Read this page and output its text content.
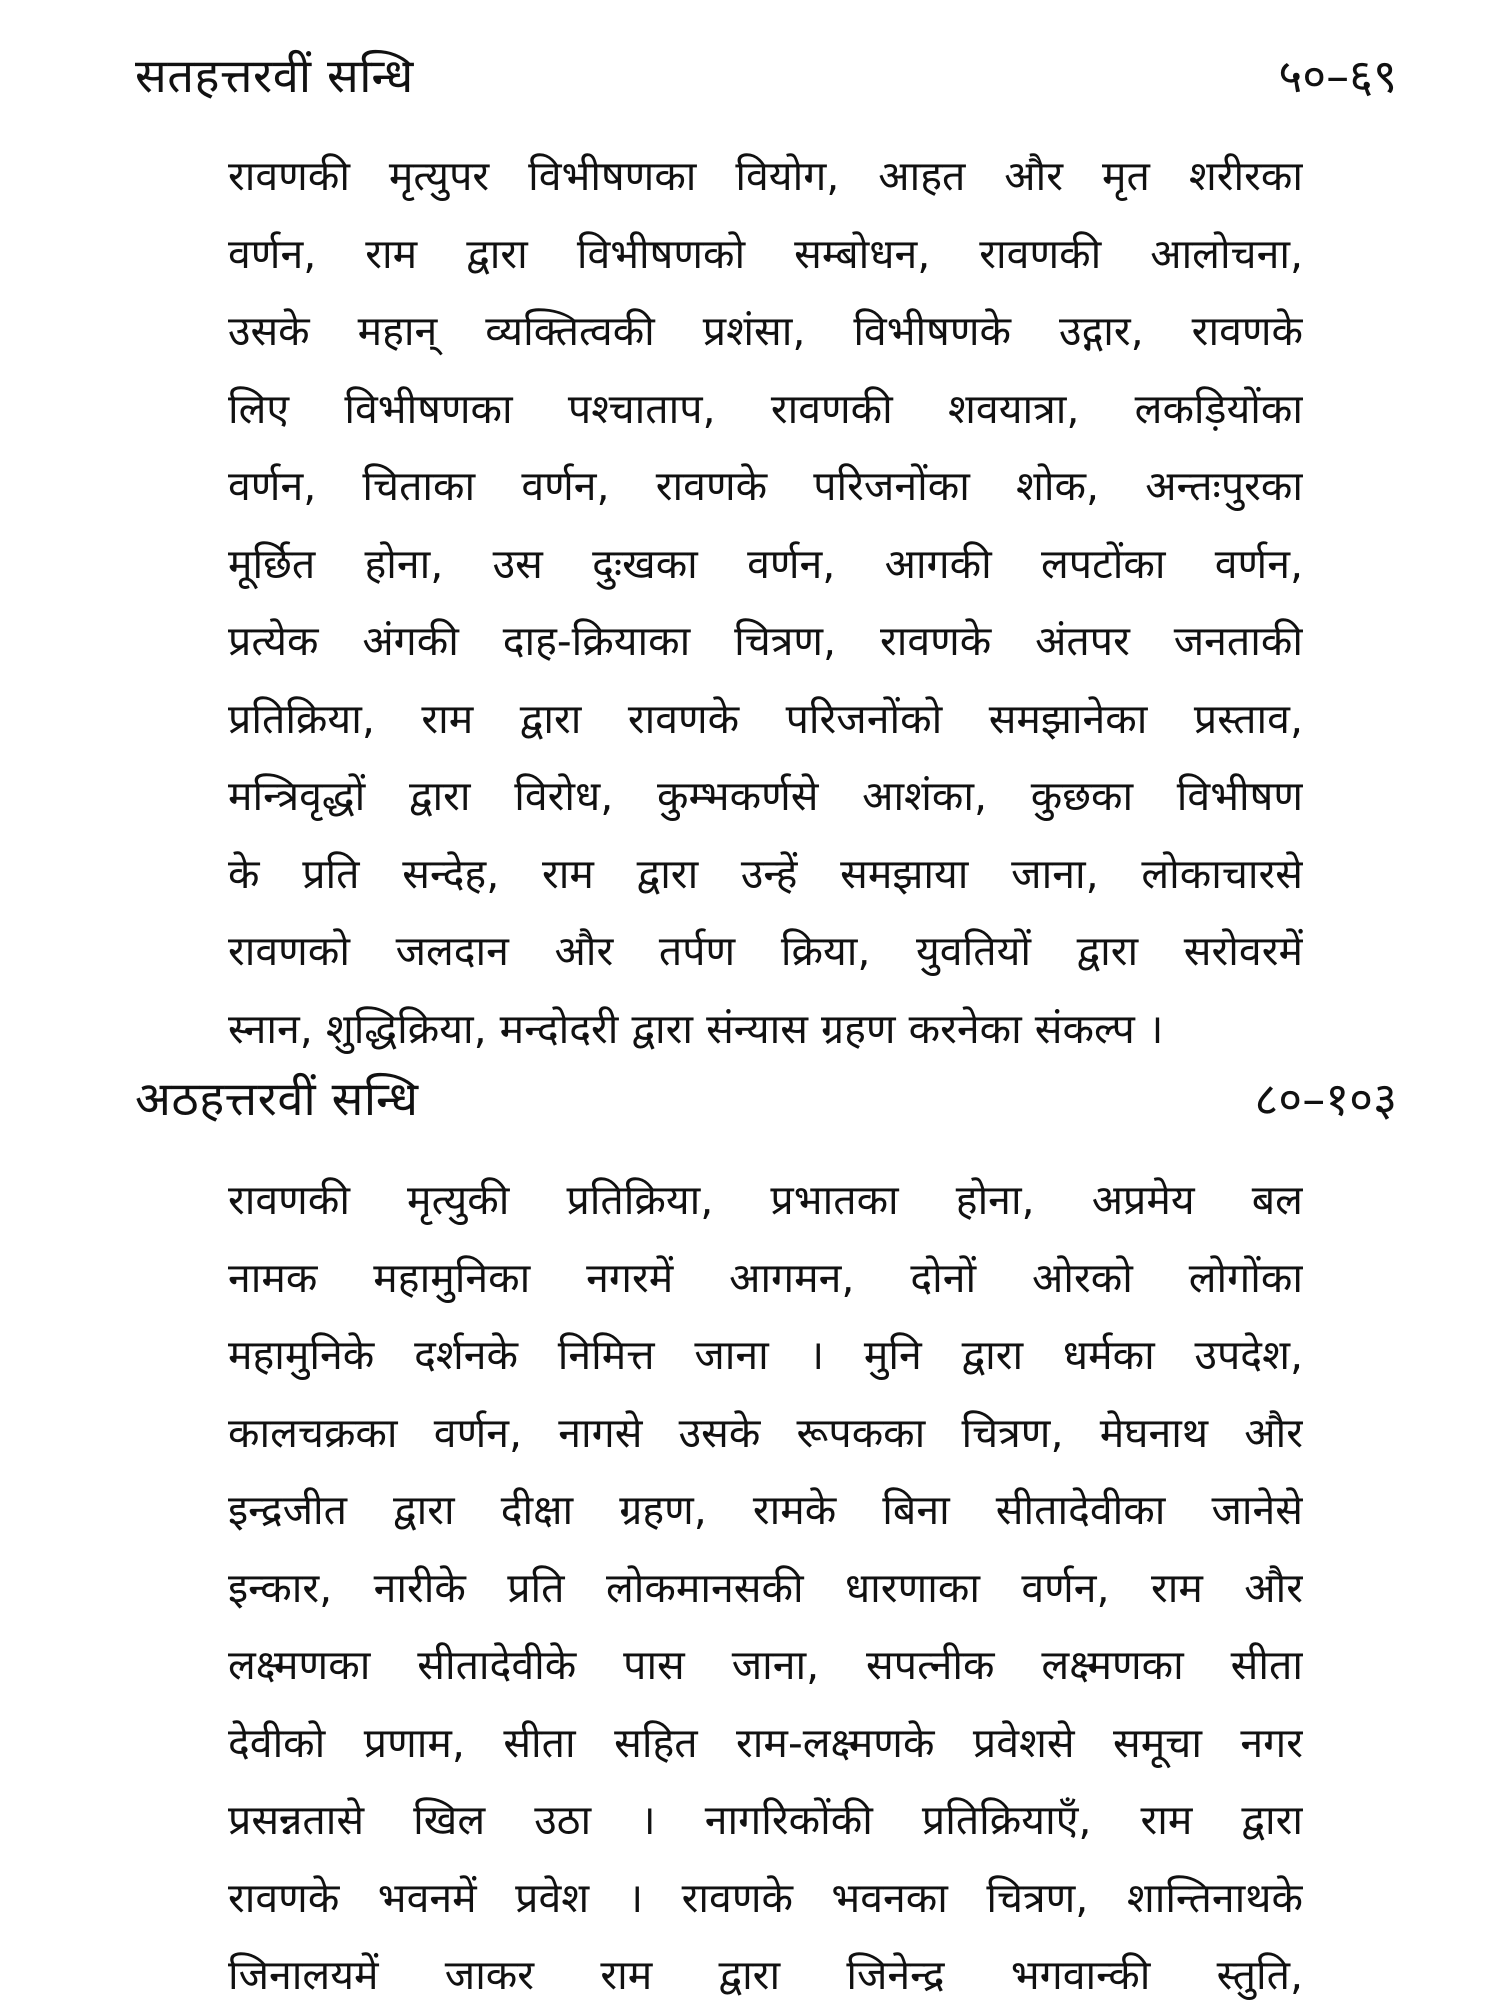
सतहत्तरवीं सन्धि	५०–६९
रावणकी मृत्युपर विभीषणका वियोग, आहत और मृत शरीरका
वर्णन, राम द्वारा विभीषणको सम्बोधन, रावणकी आलोचना,
उसके महान् व्यक्तित्वकी प्रशंसा, विभीषणके उद्गार, रावणके
लिए विभीषणका पश्चाताप, रावणकी शवयात्रा, लकड़ियोंका
वर्णन, चिताका वर्णन, रावणके परिजनोंका शोक, अन्तःपुरका
मूर्छित होना, उस दुःखका वर्णन, आगकी लपटोंका वर्णन,
प्रत्येक अंगकी दाह-क्रियाका चित्रण, रावणके अंतपर जनताकी
प्रतिक्रिया, राम द्वारा रावणके परिजनोंको समझानेका प्रस्ताव,
मन्त्रिवृद्धों द्वारा विरोध, कुम्भकर्णसे आशंका, कुछका विभीषण
के प्रति सन्देह, राम द्वारा उन्हें समझाया जाना, लोकाचारसे
रावणको जलदान और तर्पण क्रिया, युवतियों द्वारा सरोवरमें
स्नान, शुद्धिक्रिया, मन्दोदरी द्वारा संन्यास ग्रहण करनेका संकल्प ।
अठहत्तरवीं सन्धि	८०–१०३
रावणकी मृत्युकी प्रतिक्रिया, प्रभातका होना, अप्रमेय बल
नामक महामुनिका नगरमें आगमन, दोनों ओरको लोगोंका
महामुनिके दर्शनके निमित्त जाना । मुनि द्वारा धर्मका उपदेश,
कालचक्रका वर्णन, नागसे उसके रूपकका चित्रण, मेघनाथ और
इन्द्रजीत द्वारा दीक्षा ग्रहण, रामके बिना सीतादेवीका जानेसे
इन्कार, नारीके प्रति लोकमानसकी धारणाका वर्णन, राम और
लक्ष्मणका सीतादेवीके पास जाना, सपत्नीक लक्ष्मणका सीता
देवीको प्रणाम, सीता सहित राम-लक्ष्मणके प्रवेशसे समूचा नगर
प्रसन्नतासे खिल उठा । नागरिकोंकी प्रतिक्रियाएँ, राम द्वारा
रावणके भवनमें प्रवेश । रावणके भवनका चित्रण, शान्तिनाथके
जिनालयमें जाकर राम द्वारा जिनेन्द्र भगवान्की स्तुति,
